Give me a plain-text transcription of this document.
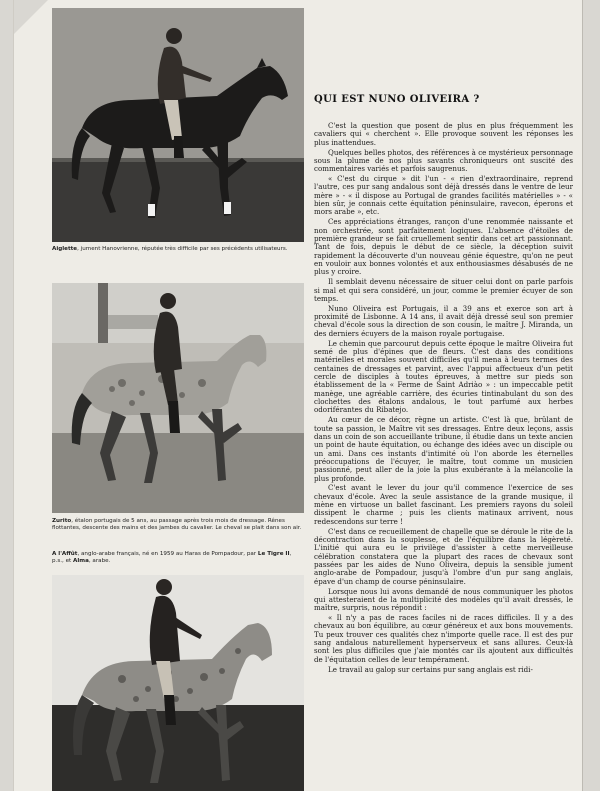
Aiglette, jument Hanovrienne, réputée très difficile par ses précédents utilisateurs.
Zurito, étalon portugais de 5 ans, au passage après trois mois de dressage. Rênes flottantes, descente des mains et des jambes du cavalier. Le cheval se plait dans son air.
A l'Affût, anglo-arabe français, né en 1959 au Haras de Pompadour, par Le Tigre II, p.s., et Alma, arabe.
QUI EST NUNO OLIVEIRA ?

C'est la question que posent de plus en plus fréquemment les cavaliers qui « cherchent ». Elle provoque souvent les réponses les plus inattendues.

Quelques belles photos, des références à ce mystérieux personnage sous la plume de nos plus savants chroniqueurs ont suscité des commentaires variés et parfois saugrenus.

« C'est du cirque » dit l'un - « rien d'extraordinaire, reprend l'autre, ces pur sang andalous sont déjà dressés dans le ventre de leur mère » - « il dispose au Portugal de grandes facilités matérielles » - « bien sûr, je connais cette équitation péninsulaire, ravecon, éperons et mors arabe », etc.

Ces appréciations étranges, rançon d'une renommée naissante et non orchestrée, sont parfaitement logiques. L'absence d'étoiles de première grandeur se fait cruellement sentir dans cet art passionnant. Tant de fois, depuis le début de ce siècle, la déception suivit rapidement la découverte d'un nouveau génie équestre, qu'on ne peut en vouloir aux bonnes volontés et aux enthousiasmes désabusés de ne plus y croire.

Il semblait devenu nécessaire de situer celui dont on parle parfois si mal et qui sera considéré, un jour, comme le premier écuyer de son temps.

Nuno Oliveira est Portugais, il a 39 ans et exerce son art à proximité de Lisbonne. A 14 ans, il avait déjà dressé seul son premier cheval d'école sous la direction de son cousin, le maître J. Miranda, un des derniers écuyers de la maison royale portugaise.

Le chemin que parcourut depuis cette époque le maître Oliveira fut semé de plus d'épines que de fleurs. C'est dans des conditions matérielles et morales souvent difficiles qu'il mena à leurs termes des centaines de dressages et parvint, avec l'appui affectueux d'un petit cercle de disciples à toutes épreuves, à mettre sur pieds son établissement de la « Ferme de Saint Adriào » : un impeccable petit manège, une agréable carrière, des écuries tintinabulant du son des clochettes des étalons andalous, le tout parfumé aux herbes odoriférantes du Ribatejo.

Au cœur de ce décor, règne un artiste. C'est là que, brûlant de toute sa passion, le Maître vit ses dressages. Entre deux leçons, assis dans un coin de son accueillante tribune, il étudie dans un texte ancien un point de haute équitation, ou échange des idées avec un disciple ou un ami. Dans ces instants d'intimité où l'on aborde les éternelles préoccupations de l'écuyer, le maître, tout comme un musicien passionné, peut aller de la joie la plus exubérante à la mélancolie la plus profonde.

C'est avant le lever du jour qu'il commence l'exercice de ses chevaux d'école. Avec la seule assistance de la grande musique, il mène en virtuose un ballet fascinant. Les premiers rayons du soleil dissipent le charme ; puis les clients matinaux arrivent, nous redescendons sur terre !

C'est dans ce recueillement de chapelle que se déroule le rite de la décontraction dans la souplesse, et de l'équilibre dans la légèreté. L'initié qui aura eu le privilège d'assister à cette merveilleuse célébration constatera que la plupart des races de chevaux sont passées par les aides de Nuno Oliveira, depuis la sensible jument anglo-arabe de Pompadour, jusqu'à l'ombre d'un pur sang anglais, épave d'un champ de course péninsulaire.

Lorsque nous lui avons demandé de nous communiquer les photos qui attesteraient de la multiplicité des modèles qu'il avait dressés, le maître, surpris, nous répondit :

« Il n'y a pas de races faciles ni de races difficiles. Il y a des chevaux au bon équilibre, au cœur généreux et aux bons mouvements. Tu peux trouver ces qualités chez n'importe quelle race. Il est des pur sang andalous naturellement hyperserveux et sans allures. Ceux-là sont les plus difficiles que j'aie montés car ils ajoutent aux difficultés de l'équitation celles de leur tempérament.

Le travail au galop sur certains pur sang anglais est ridi-
